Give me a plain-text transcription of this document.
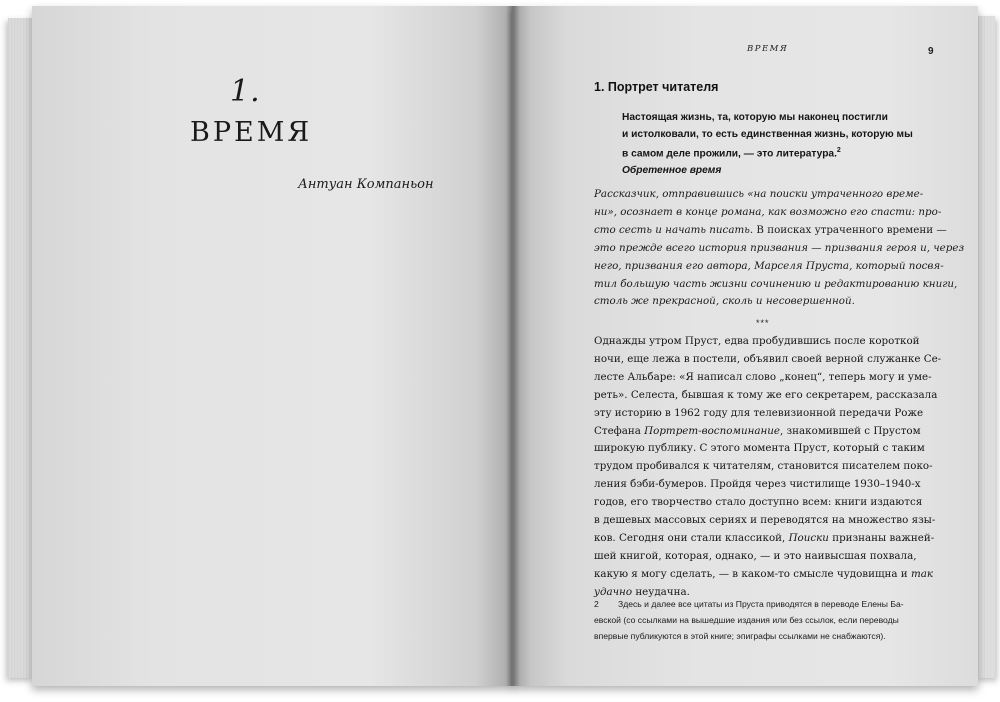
1.
ВРЕМЯ
Антуан Компаньон
ВРЕМЯ	9
1. Портрет читателя
Настоящая жизнь, та, которую мы наконец постигли
и истолковали, то есть единственная жизнь, которую мы
в самом деле прожили, — это литература.$^2$
Обретенное время
Рассказчик, отправившись «на поиски утраченного време-
ни», осознает в конце романа, как возможно его спасти: про-
сто сесть и начать писать. В поисках утраченного времени —
это прежде всего история призвания — призвания героя и, через
него, призвания его автора, Марселя Пруста, который посвя-
тил большую часть жизни сочинению и редактированию книги,
столь же прекрасной, сколь и несовершенной.
***
Однажды утром Пруст, едва пробудившись после короткой
ночи, еще лежа в постели, объявил своей верной служанке Се-
лесте Альбаре: «Я написал слово „конец“, теперь могу и уме-
реть». Селеста, бывшая к тому же его секретарем, рассказала
эту историю в 1962 году для телевизионной передачи Роже
Стефана Портрет-воспоминание, знакомившей с Прустом
широкую публику. С этого момента Пруст, который с таким
трудом пробивался к читателям, становится писателем поко-
ления бэби-бумеров. Пройдя через чистилище 1930–1940-х
годов, его творчество стало доступно всем: книги издаются
в дешевых массовых сериях и переводятся на множество язы-
ков. Сегодня они стали классикой, Поиски признаны важней-
шей книгой, которая, однако, — и это наивысшая похвала,
какую я могу сделать, — в каком-то смысле чудовищна и так
удачно неудачна.
2 Здесь и далее все цитаты из Пруста приводятся в переводе Елены Ба-
евской (со ссылками на вышедшие издания или без ссылок, если переводы
впервые публикуются в этой книге; эпиграфы ссылками не снабжаются).
